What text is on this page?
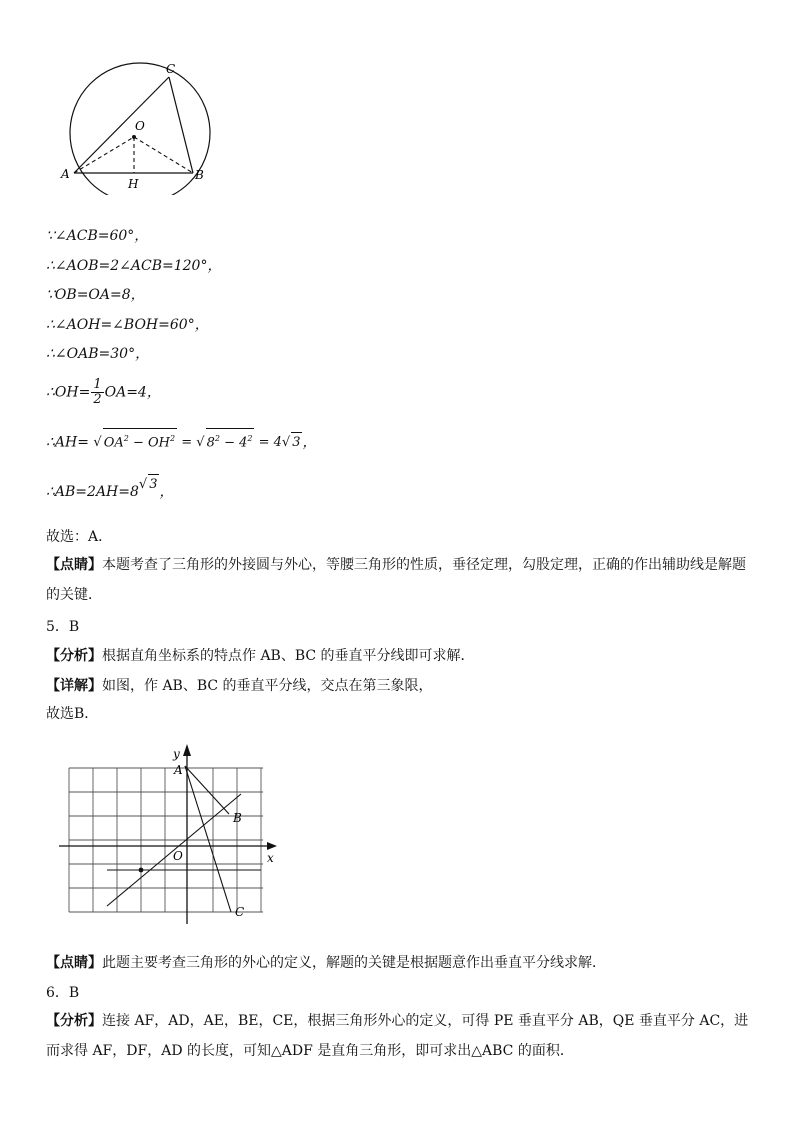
C
O
A	B
H
∵∠ACB=60°，
∴∠AOB=2∠ACB=120°，
∵OB=OA=8，
∴∠AOH=∠BOH=60°，
∴∠OAB=30°，
∴OH= $\frac{1}{2} OA=4$，
∴AH= √ $OA^2 - OH^2$ = √ $8^2 - 4^2 = 4√$ 3 ，
∴AB=2AH=8√ 3 ，
故选：A．
【点睛】本题考查了三角形的外接圆与外心，等腰三角形的性质，垂径定理，勾股定理，正确的作出辅助线是解题的关键．
5．B
【分析】根据直角坐标系的特点作 AB、BC 的垂直平分线即可求解．
【详解】如图，作 AB、BC 的垂直平分线，交点在第三象限，
故选B．
y
x
O
A
B
C
【点睛】此题主要考查三角形的外心的定义，解题的关键是根据题意作出垂直平分线求解．
6．B
【分析】连接 AF，AD，AE，BE，CE，根据三角形外心的定义，可得 PE 垂直平分 AB，QE 垂直平分 AC，进而求得 AF，DF，AD 的长度，可知△ADF 是直角三角形，即可求出△ABC 的面积．
